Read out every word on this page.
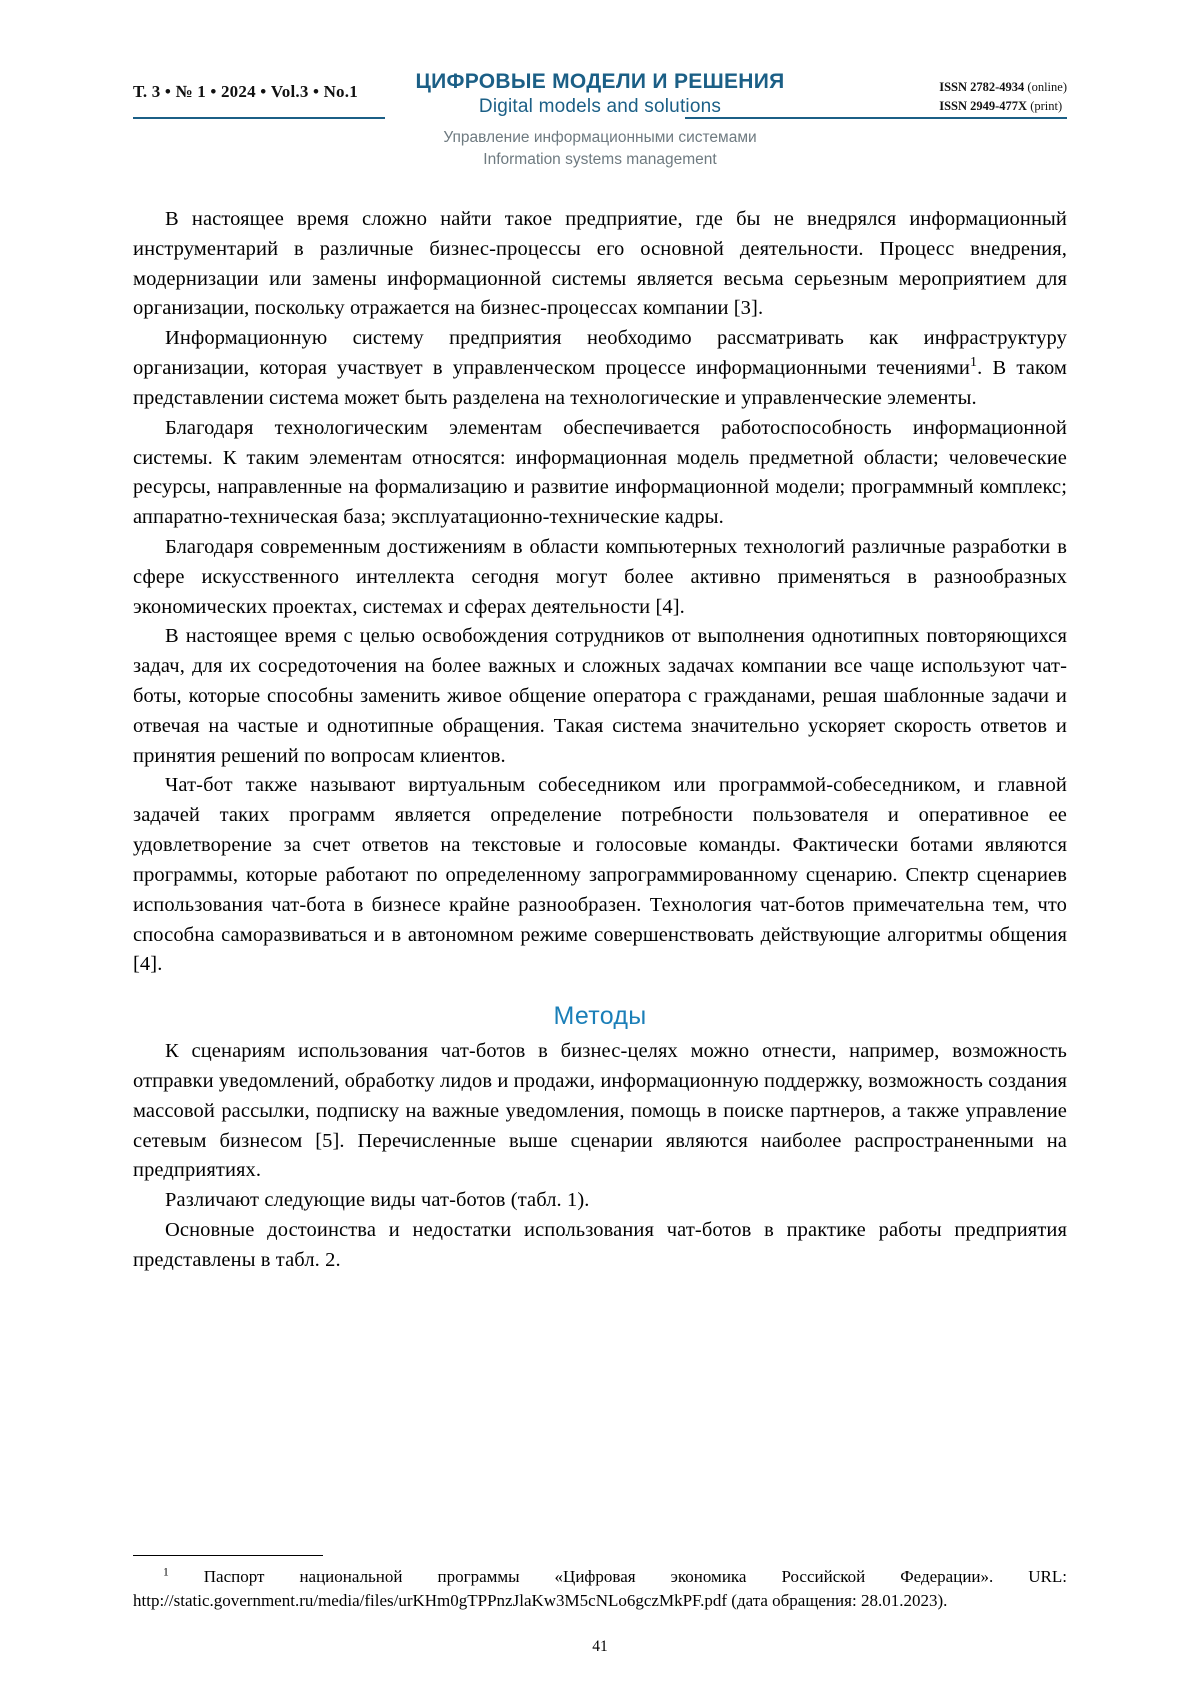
Т. 3 • № 1 • 2024 • Vol.3 • No.1	ЦИФРОВЫЕ МОДЕЛИ И РЕШЕНИЯ
Digital models and solutions
ISSN 2782-4934 (online)
ISSN 2949-477X (print)
Управление информационными системами
Information systems management

В настоящее время сложно найти такое предприятие, где бы не внедрялся информационный инструментарий в различные бизнес-процессы его основной деятельности. Процесс внедрения, модернизации или замены информационной системы является весьма серьезным мероприятием для организации, поскольку отражается на бизнес-процессах компании [3].

Информационную систему предприятия необходимо рассматривать как инфраструктуру организации, которая участвует в управленческом процессе информационными течениями$^1$. В таком представлении система может быть разделена на технологические и управленческие элементы.

Благодаря технологическим элементам обеспечивается работоспособность информационной системы. К таким элементам относятся: информационная модель предметной области; человеческие ресурсы, направленные на формализацию и развитие информационной модели; программный комплекс; аппаратно-техническая база; эксплуатационно-технические кадры.

Благодаря современным достижениям в области компьютерных технологий различные разработки в сфере искусственного интеллекта сегодня могут более активно применяться в разнообразных экономических проектах, системах и сферах деятельности [4].

В настоящее время с целью освобождения сотрудников от выполнения однотипных повторяющихся задач, для их сосредоточения на более важных и сложных задачах компании все чаще используют чат-боты, которые способны заменить живое общение оператора с гражданами, решая шаблонные задачи и отвечая на частые и однотипные обращения. Такая система значительно ускоряет скорость ответов и принятия решений по вопросам клиентов.

Чат-бот также называют виртуальным собеседником или программой-собеседником, и главной задачей таких программ является определение потребности пользователя и оперативное ее удовлетворение за счет ответов на текстовые и голосовые команды. Фактически ботами являются программы, которые работают по определенному запрограммированному сценарию. Спектр сценариев использования чат-бота в бизнесе крайне разнообразен. Технология чат-ботов примечательна тем, что способна саморазвиваться и в автономном режиме совершенствовать действующие алгоритмы общения [4].

Методы

К сценариям использования чат-ботов в бизнес-целях можно отнести, например, возможность отправки уведомлений, обработку лидов и продажи, информационную поддержку, возможность создания массовой рассылки, подписку на важные уведомления, помощь в поиске партнеров, а также управление сетевым бизнесом [5]. Перечисленные выше сценарии являются наиболее распространенными на предприятиях.

Различают следующие виды чат-ботов (табл. 1).

Основные достоинства и недостатки использования чат-ботов в практике работы предприятия представлены в табл. 2.

$^1$ Паспорт национальной программы «Цифровая экономика Российской Федерации». URL: http://static.government.ru/media/files/urKHm0gTPPnzJlaKw3M5cNLo6gczMkPF.pdf (дата обращения: 28.01.2023).

41
